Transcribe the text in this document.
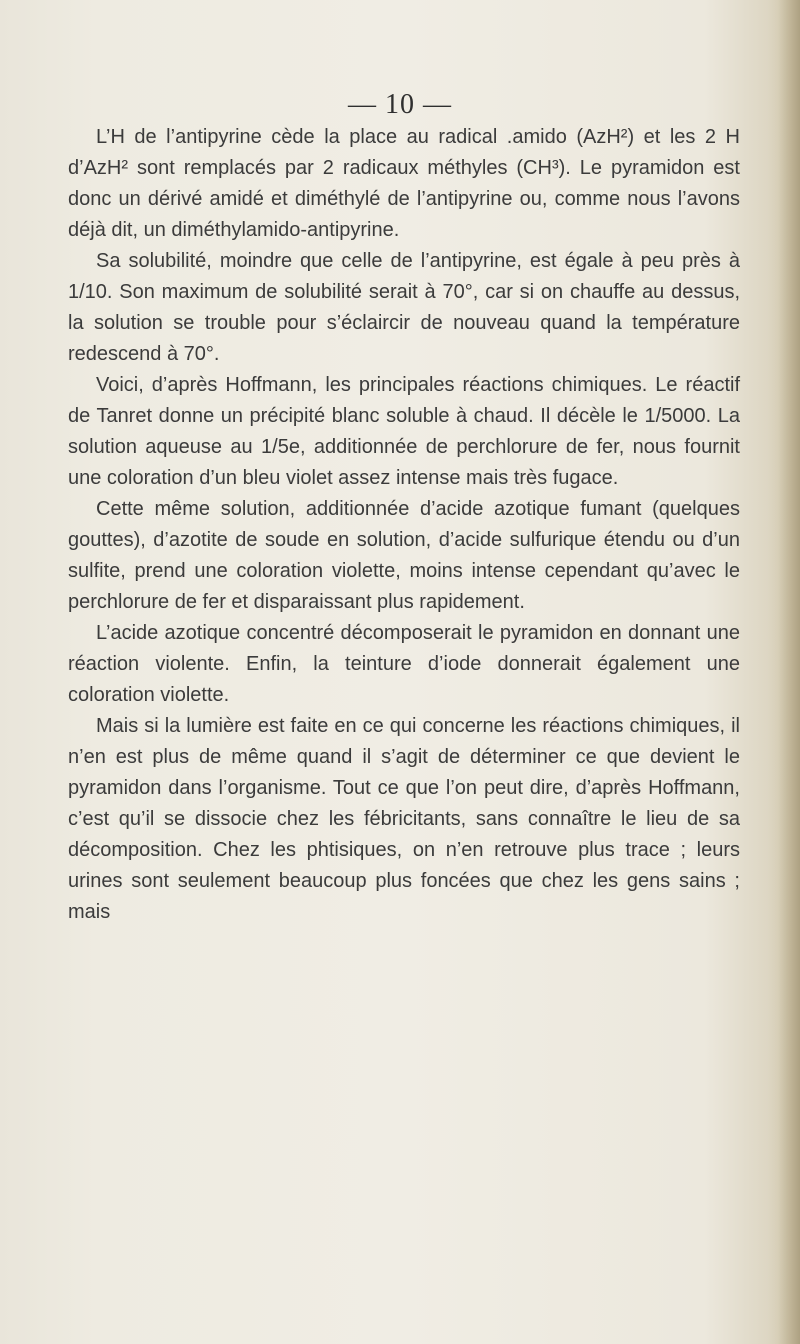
— 10 —

L’H de l’antipyrine cède la place au radical .amido (AzH²) et les 2 H d’AzH² sont remplacés par 2 radicaux méthyles (CH³). Le pyramidon est donc un dérivé amidé et diméthylé de l’antipyrine ou, comme nous l’avons déjà dit, un diméthylamido-antipyrine.

Sa solubilité, moindre que celle de l’antipyrine, est égale à peu près à 1/10. Son maximum de solubilité serait à 70°, car si on chauffe au dessus, la solution se trouble pour s’éclaircir de nouveau quand la température redescend à 70°.

Voici, d’après Hoffmann, les principales réactions chimiques. Le réactif de Tanret donne un précipité blanc soluble à chaud. Il décèle le 1/5000. La solution aqueuse au 1/5e, additionnée de perchlorure de fer, nous fournit une coloration d’un bleu violet assez intense mais très fugace.

Cette même solution, additionnée d’acide azotique fumant (quelques gouttes), d’azotite de soude en solution, d’acide sulfurique étendu ou d’un sulfite, prend une coloration violette, moins intense cependant qu’avec le perchlorure de fer et disparaissant plus rapidement.

L’acide azotique concentré décomposerait le pyramidon en donnant une réaction violente. Enfin, la teinture d’iode donnerait également une coloration violette.

Mais si la lumière est faite en ce qui concerne les réactions chimiques, il n’en est plus de même quand il s’agit de déterminer ce que devient le pyramidon dans l’organisme. Tout ce que l’on peut dire, d’après Hoffmann, c’est qu’il se dissocie chez les fébricitants, sans connaître le lieu de sa décomposition. Chez les phtisiques, on n’en retrouve plus trace ; leurs urines sont seulement beaucoup plus foncées que chez les gens sains ; mais
